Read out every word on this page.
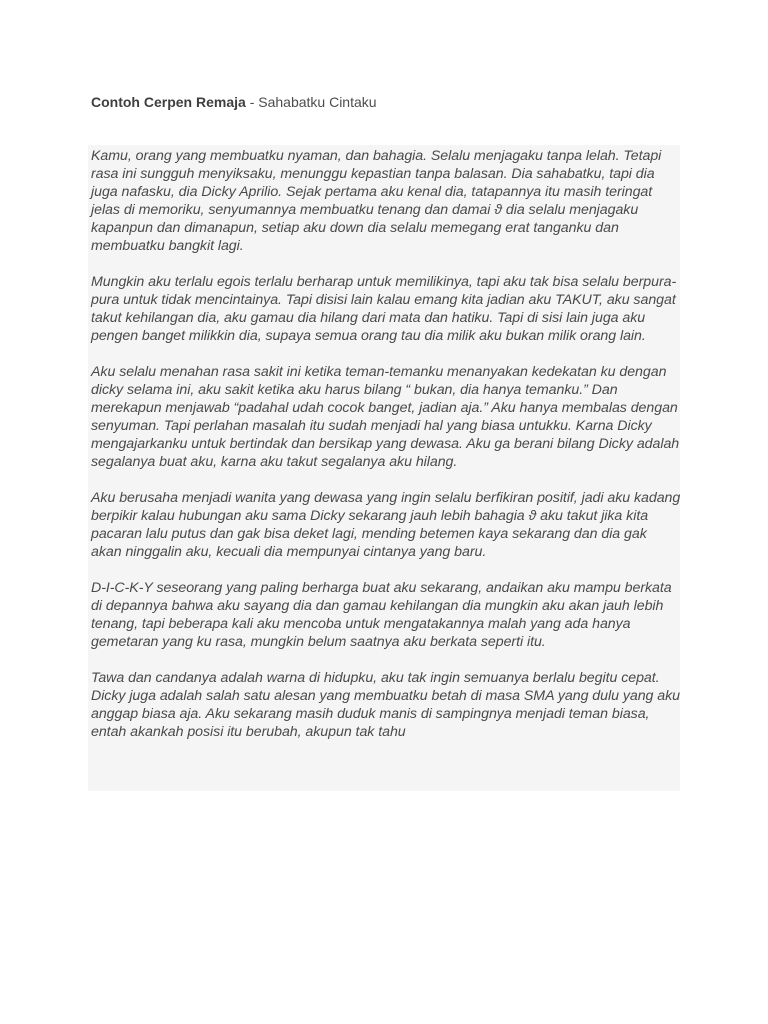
Contoh Cerpen Remaja - Sahabatku Cintaku

Kamu, orang yang membuatku nyaman, dan bahagia. Selalu menjagaku tanpa lelah. Tetapi rasa ini sungguh menyiksaku, menunggu kepastian tanpa balasan. Dia sahabatku, tapi dia juga nafasku, dia Dicky Aprilio. Sejak pertama aku kenal dia, tatapannya itu masih teringat jelas di memoriku, senyumannya membuatku tenang dan damai ϑ dia selalu menjagaku kapanpun dan dimanapun, setiap aku down dia selalu memegang erat tanganku dan membuatku bangkit lagi.

Mungkin aku terlalu egois terlalu berharap untuk memilikinya, tapi aku tak bisa selalu berpura-pura untuk tidak mencintainya. Tapi disisi lain kalau emang kita jadian aku TAKUT, aku sangat takut kehilangan dia, aku gamau dia hilang dari mata dan hatiku. Tapi di sisi lain juga aku pengen banget milikkin dia, supaya semua orang tau dia milik aku bukan milik orang lain.

Aku selalu menahan rasa sakit ini ketika teman-temanku menanyakan kedekatan ku dengan dicky selama ini, aku sakit ketika aku harus bilang “ bukan, dia hanya temanku.” Dan merekapun menjawab “padahal udah cocok banget, jadian aja.” Aku hanya membalas dengan senyuman. Tapi perlahan masalah itu sudah menjadi hal yang biasa untukku. Karna Dicky mengajarkanku untuk bertindak dan bersikap yang dewasa. Aku ga berani bilang Dicky adalah segalanya buat aku, karna aku takut segalanya aku hilang.

Aku berusaha menjadi wanita yang dewasa yang ingin selalu berfikiran positif, jadi aku kadang berpikir kalau hubungan aku sama Dicky sekarang jauh lebih bahagia ϑ aku takut jika kita pacaran lalu putus dan gak bisa deket lagi, mending betemen kaya sekarang dan dia gak akan ninggalin aku, kecuali dia mempunyai cintanya yang baru.

D-I-C-K-Y seseorang yang paling berharga buat aku sekarang, andaikan aku mampu berkata di depannya bahwa aku sayang dia dan gamau kehilangan dia mungkin aku akan jauh lebih tenang, tapi beberapa kali aku mencoba untuk mengatakannya malah yang ada hanya gemetaran yang ku rasa, mungkin belum saatnya aku berkata seperti itu.

Tawa dan candanya adalah warna di hidupku, aku tak ingin semuanya berlalu begitu cepat. Dicky juga adalah salah satu alesan yang membuatku betah di masa SMA yang dulu yang aku anggap biasa aja. Aku sekarang masih duduk manis di sampingnya menjadi teman biasa, entah akankah posisi itu berubah, akupun tak tahu
